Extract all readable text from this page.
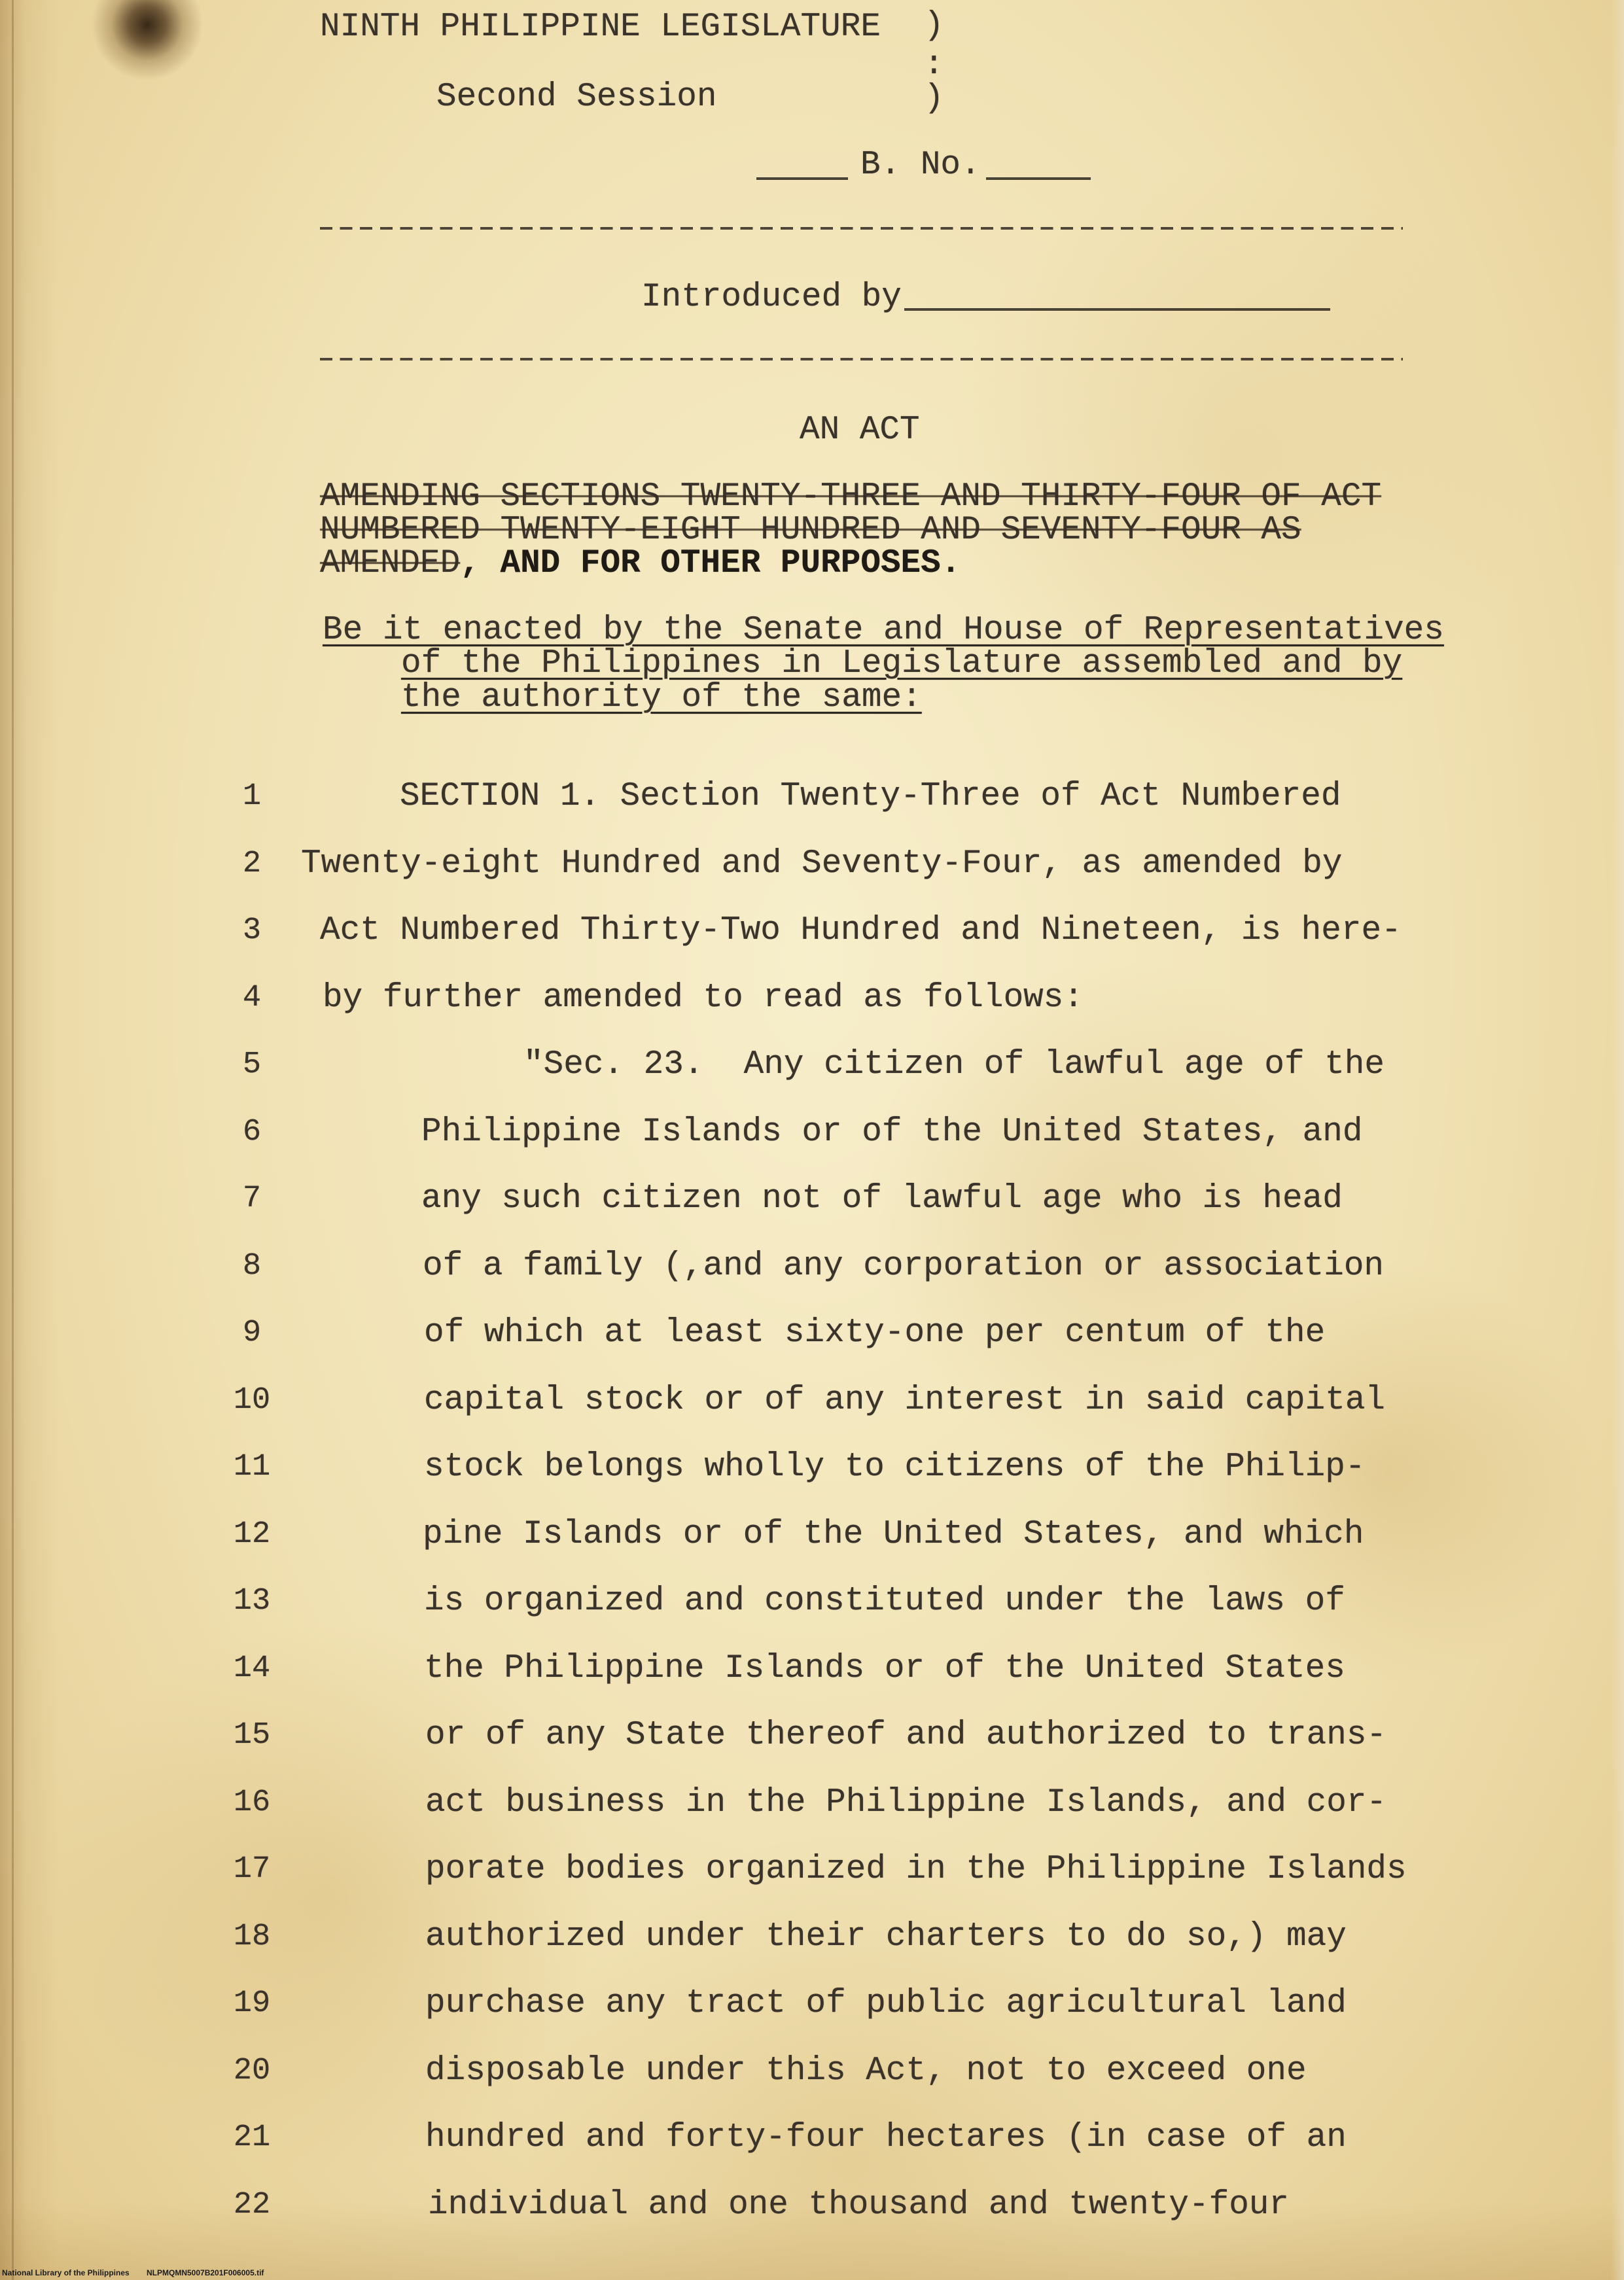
NINTH PHILIPPINE LEGISLATURE )
:
)
Second Session
B. No.
Introduced by
AN ACT
AMENDING SECTIONS TWENTY-THREE AND THIRTY-FOUR OF ACT
NUMBERED TWENTY-EIGHT HUNDRED AND SEVENTY-FOUR AS
AMENDED, AND FOR OTHER PURPOSES.
Be it enacted by the Senate and House of Representatives
of the Philippines in Legislature assembled and by
the authority of the same:
1	SECTION 1. Section Twenty-Three of Act Numbered
2	Twenty-eight Hundred and Seventy-Four, as amended by
3	Act Numbered Thirty-Two Hundred and Nineteen, is here-
4	by further amended to read as follows:
5	"Sec. 23.  Any citizen of lawful age of the
6	Philippine Islands or of the United States, and
7	any such citizen not of lawful age who is head
8	of a family (,and any corporation or association
9	of which at least sixty-one per centum of the
10	capital stock or of any interest in said capital
11	stock belongs wholly to citizens of the Philip-
12	pine Islands or of the United States, and which
13	is organized and constituted under the laws of
14	the Philippine Islands or of the United States
15	or of any State thereof and authorized to trans-
16	act business in the Philippine Islands, and cor-
17	porate bodies organized in the Philippine Islands
18	authorized under their charters to do so,) may
19	purchase any tract of public agricultural land
20	disposable under this Act, not to exceed one
21	hundred and forty-four hectares (in case of an
22	individual and one thousand and twenty-four
National Library of the Philippines NLPMQMN5007B201F006005.tif
